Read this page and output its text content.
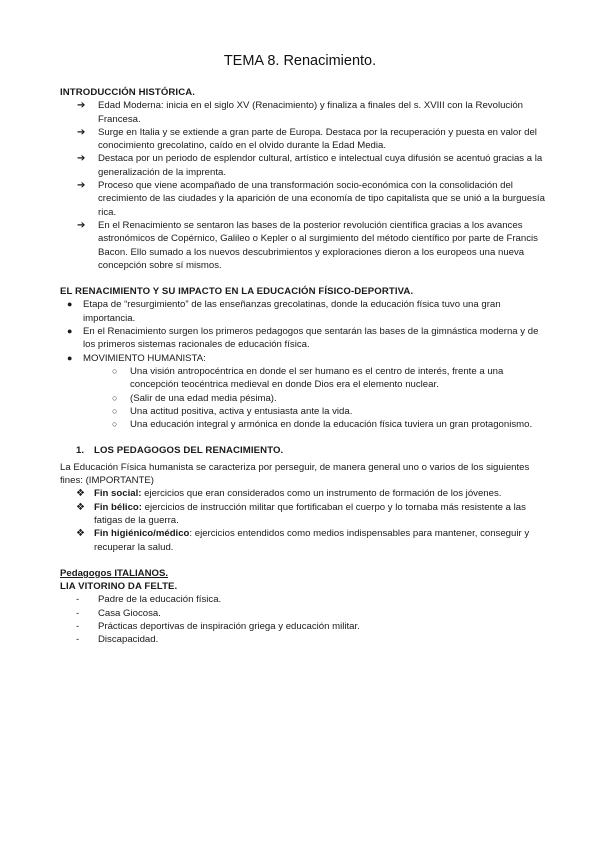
TEMA 8. Renacimiento.
INTRODUCCIÓN HISTÓRICA.
➔ Edad Moderna: inicia en el siglo XV (Renacimiento) y finaliza a finales del s. XVIII con la Revolución Francesa.
➔ Surge en Italia y se extiende a gran parte de Europa. Destaca por la recuperación y puesta en valor del conocimiento grecolatino, caído en el olvido durante la Edad Media.
➔ Destaca por un periodo de esplendor cultural, artístico e intelectual cuya difusión se acentuó gracias a la generalización de la imprenta.
➔ Proceso que viene acompañado de una transformación socio-económica con la consolidación del crecimiento de las ciudades y la aparición de una economía de tipo capitalista que se unió a la burguesía rica.
➔ En el Renacimiento se sentaron las bases de la posterior revolución científica gracias a los avances astronómicos de Copérnico, Galileo o Kepler o al surgimiento del método científico por parte de Francis Bacon. Ello sumado a los nuevos descubrimientos y exploraciones dieron a los europeos una nueva concepción sobre sí mismos.
EL RENACIMIENTO Y SU IMPACTO EN LA EDUCACIÓN FÍSICO-DEPORTIVA.
● Etapa de “resurgimiento” de las enseñanzas grecolatinas, donde la educación física tuvo una gran importancia.
● En el Renacimiento surgen los primeros pedagogos que sentarán las bases de la gimnástica moderna y de los primeros sistemas racionales de educación física.
● MOVIMIENTO HUMANISTA:
○ Una visión antropocéntrica en donde el ser humano es el centro de interés, frente a una concepción teocéntrica medieval en donde Dios era el elemento nuclear.
○ (Salir de una edad media pésima).
○ Una actitud positiva, activa y entusiasta ante la vida.
○ Una educación integral y armónica en donde la educación física tuviera un gran protagonismo.
1. LOS PEDAGOGOS DEL RENACIMIENTO.
La Educación Física humanista se caracteriza por perseguir, de manera general uno o varios de los siguientes fines: (IMPORTANTE)
❖ Fin social: ejercicios que eran considerados como un instrumento de formación de los jóvenes.
❖ Fin bélico: ejercicios de instrucción militar que fortificaban el cuerpo y lo tornaba más resistente a las fatigas de la guerra.
❖ Fin higiénico/médico: ejercicios entendidos como medios indispensables para mantener, conseguir y recuperar la salud.
Pedagogos ITALIANOS.
LIA VITORINO DA FELTE.
- Padre de la educación física.
- Casa Giocosa.
- Prácticas deportivas de inspiración griega y educación militar.
- Discapacidad.
